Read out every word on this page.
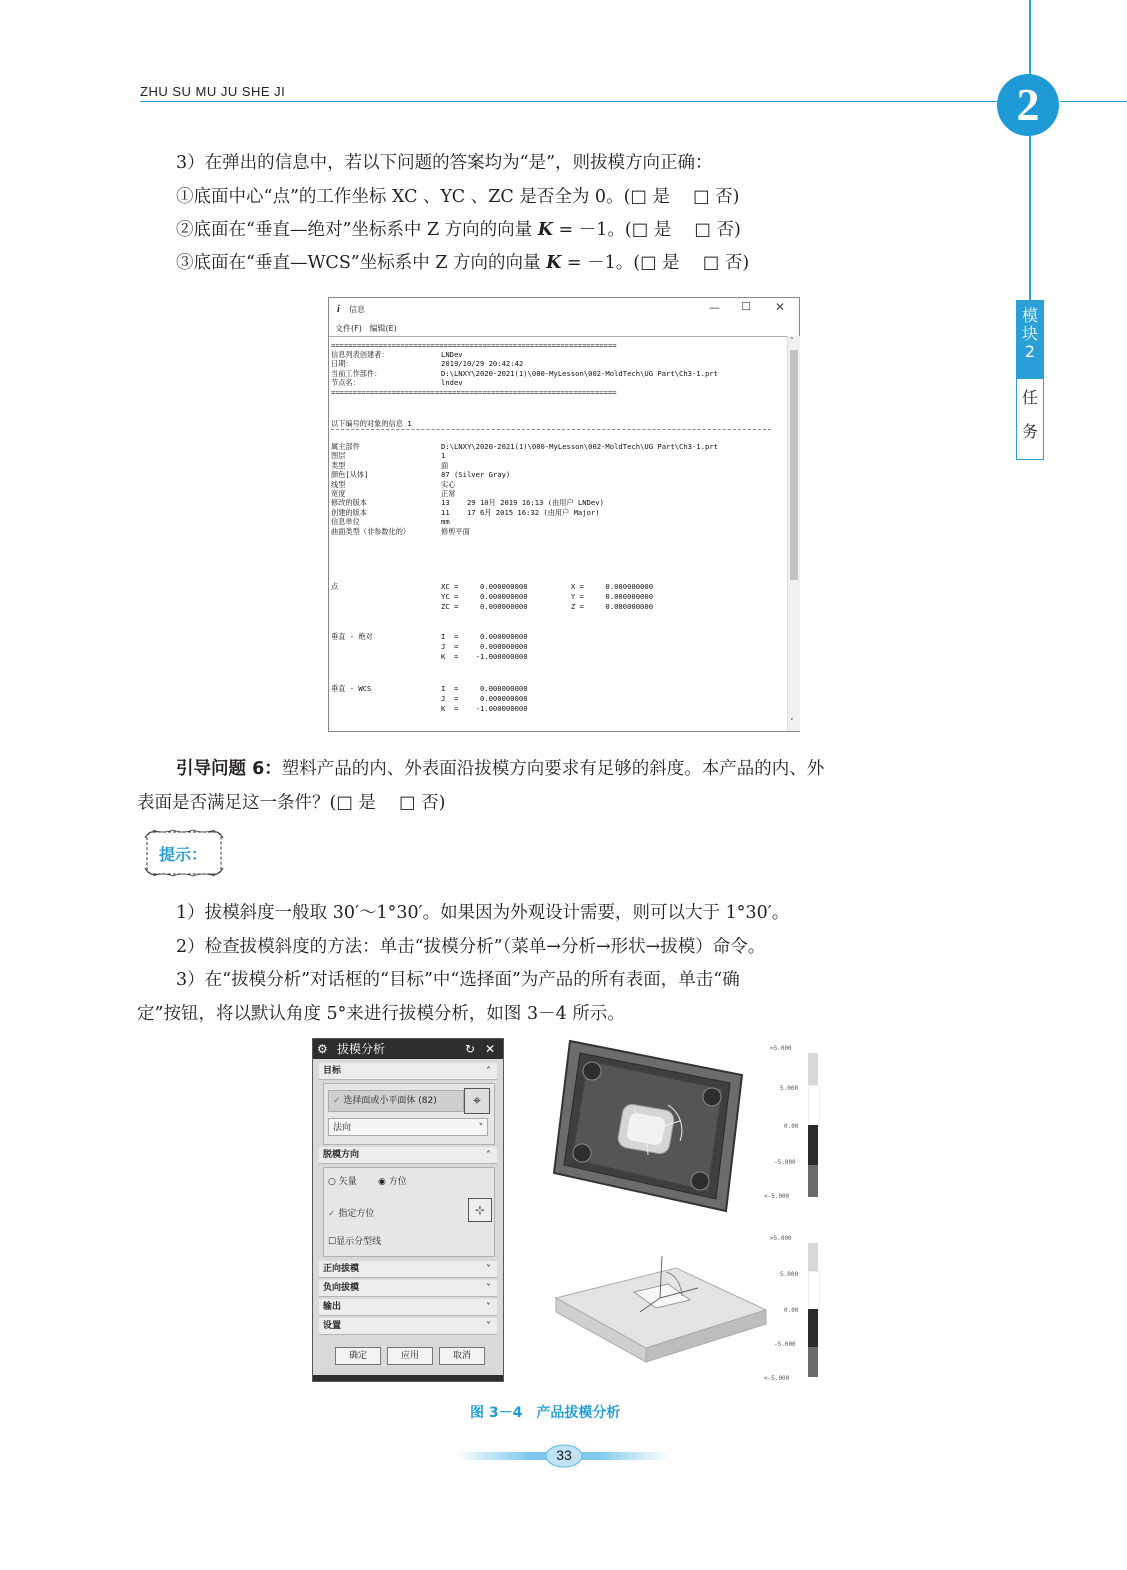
ZHU SU MU JU SHE JI	2
模
块
2
任
务
3）在弹出的信息中，若以下问题的答案均为“是”，则拔模方向正确：
①底面中心“点”的工作坐标 XC 、YC 、ZC 是否全为 0。(□ 是　 □ 否)
②底面在“垂直—绝对”坐标系中 Z 方向的向量 K = －1。(□ 是　 □ 否)
③底面在“垂直—WCS”坐标系中 Z 方向的向量 K = －1。(□ 是　 □ 否)
i 信息	— ☐ ✕
文件(F) 编辑(E)
==================================================================
信息列表创建者：	LNDev
日期：	2019/10/29 20:42:42
当前工作部件：	D:\LNXY\2020-2021(1)\000-MyLesson\002-MoldTech\UG Part\Ch3-1.prt
节点名：	lndev
==================================================================
以下编号的对象的信息 1
属主部件	D:\LNXY\2020-2021(1)\000-MyLesson\002-MoldTech\UG Part\Ch3-1.prt
图层	1
类型	面
颜色[从体]	87 (Silver Gray)
线型	实心
宽度	正常
修改的版本	13    29 10月 2019 16:13 (由用户 LNDev)
创建的版本	11    17 6月 2015 16:32 (由用户 Major)
信息单位	mm
曲面类型（非参数化的）	修剪平面
点	XC =     0.000000000          X =     0.000000000
YC =     0.000000000          Y =     0.000000000
ZC =     0.000000000          Z =     0.000000000
垂直 - 绝对	I  =     0.000000000
J  =     0.000000000
K  =    -1.000000000
垂直 - WCS	I  =     0.000000000
J  =     0.000000000
K  =    -1.000000000
˄
˅
引导问题 6：塑料产品的内、外表面沿拔模方向要求有足够的斜度。本产品的内、外
表面是否满足这一条件？(□ 是　 □ 否)
提示：
1）拔模斜度一般取 30′～1°30′。如果因为外观设计需要，则可以大于 1°30′。
2）检查拔模斜度的方法：单击“拔模分析”（菜单→分析→形状→拔模）命令。
3）在“拔模分析”对话框的“目标”中“选择面”为产品的所有表面，单击“确
定”按钮，将以默认角度 5°来进行拔模分析，如图 3－4 所示。
⚙ 拔模分析	↻ ✕
目标	˄
✓ 选择面或小平面体 (82)	⌖
法向	˅
脱模方向	˄
○ 矢量 ◉ 方位
✓ 指定方位	⊹
☐显示分型线
正向拔模	˅
负向拔模	˅
输出	˅
设置	˅
确定	应用	取消
>5.000
5.000
0.00
-5.000
<-5.000
>5.000
5.000
0.00
-5.000
<-5.000
图 3－4　产品拔模分析
33
